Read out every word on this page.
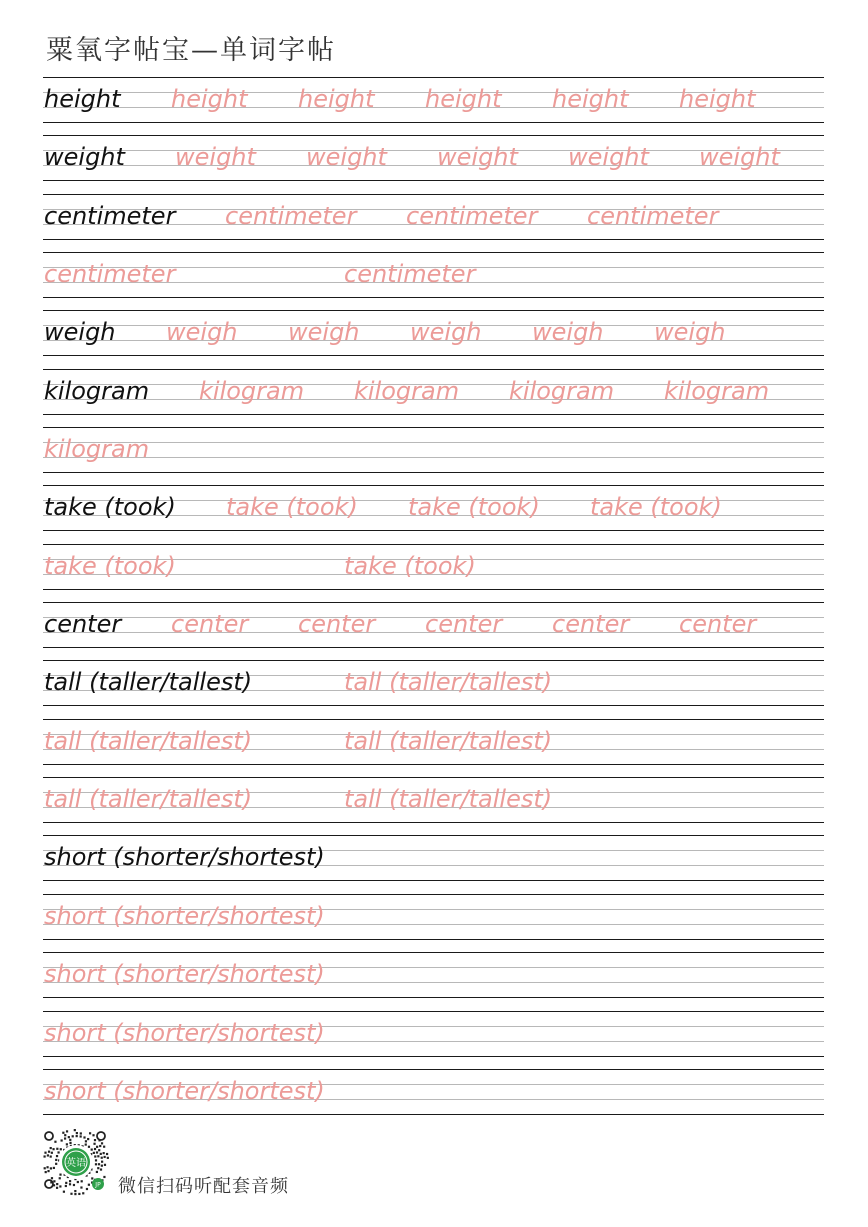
粟氧字帖宝—单词字帖
height height height height height height
weight weight weight weight weight weight
centimeter centimeter centimeter centimeter
centimeter	centimeter
weigh weigh weigh weigh weigh weigh
kilogram kilogram kilogram kilogram kilogram
kilogram
take (took) take (took) take (took) take (took)
take (took)	take (took)
center center center center center center
tall (taller/tallest)	tall (taller/tallest)
tall (taller/tallest)	tall (taller/tallest)
tall (taller/tallest)	tall (taller/tallest)
short (shorter/shortest)
short (shorter/shortest)
short (shorter/shortest)
short (shorter/shortest)
short (shorter/shortest)
英语
JP 微信扫码听配套音频
